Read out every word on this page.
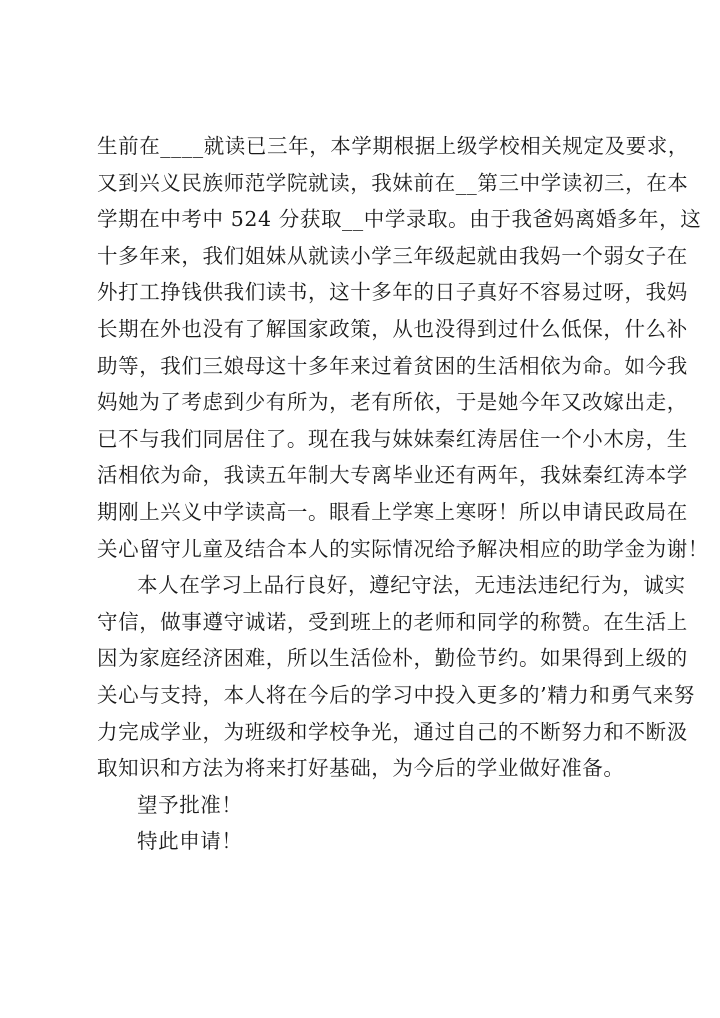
生前在____就读已三年，本学期根据上级学校相关规定及要求，
又到兴义民族师范学院就读，我妹前在__第三中学读初三，在本
学期在中考中 524 分获取__中学录取。由于我爸妈离婚多年，这
十多年来，我们姐妹从就读小学三年级起就由我妈一个弱女子在
外打工挣钱供我们读书，这十多年的日子真好不容易过呀，我妈
长期在外也没有了解国家政策，从也没得到过什么低保，什么补
助等，我们三娘母这十多年来过着贫困的生活相依为命。如今我
妈她为了考虑到少有所为，老有所依，于是她今年又改嫁出走，
已不与我们同居住了。现在我与妹妹秦红涛居住一个小木房，生
活相依为命，我读五年制大专离毕业还有两年，我妹秦红涛本学
期刚上兴义中学读高一。眼看上学寒上寒呀！所以申请民政局在
关心留守儿童及结合本人的实际情况给予解决相应的助学金为谢！
本人在学习上品行良好，遵纪守法，无违法违纪行为，诚实
守信，做事遵守诚诺，受到班上的老师和同学的称赞。在生活上
因为家庭经济困难，所以生活俭朴，勤俭节约。如果得到上级的
关心与支持，本人将在今后的学习中投入更多的’精力和勇气来努
力完成学业，为班级和学校争光，通过自己的不断努力和不断汲
取知识和方法为将来打好基础，为今后的学业做好准备。
望予批准！
特此申请！
